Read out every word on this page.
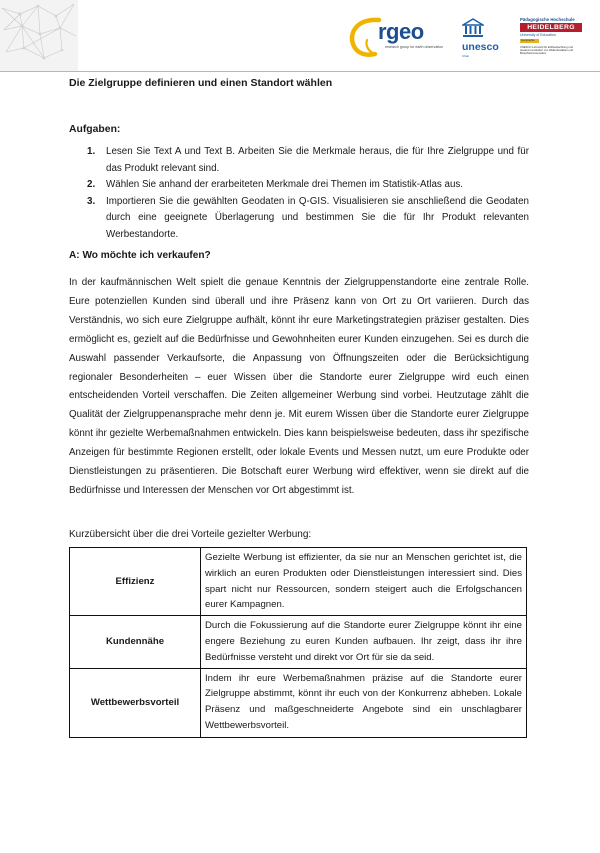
rgeo
research group for earth observation	unesco
Chair
Pädagogische Hochschule
HEIDELBERG
University of Education
Geographie
UNESCO Lehrstuhl für Erdbeobachtung und Geokommunikation von Welterbestätten und Biosphärenreservaten
Die Zielgruppe definieren und einen Standort wählen
Aufgaben:
1. Lesen Sie Text A und Text B. Arbeiten Sie die Merkmale heraus, die für Ihre Zielgruppe und für das Produkt relevant sind.
2. Wählen Sie anhand der erarbeiteten Merkmale drei Themen im Statistik-Atlas aus.
3. Importieren Sie die gewählten Geodaten in Q-GIS. Visualisieren sie anschließend die Geodaten durch eine geeignete Überlagerung und bestimmen Sie die für Ihr Produkt relevanten Werbestandorte.
A: Wo möchte ich verkaufen?

In der kaufmännischen Welt spielt die genaue Kenntnis der Zielgruppenstandorte eine zentrale Rolle. Eure potenziellen Kunden sind überall und ihre Präsenz kann von Ort zu Ort variieren. Durch das Verständnis, wo sich eure Zielgruppe aufhält, könnt ihr eure Marketingstrategien präziser gestalten. Dies ermöglicht es, gezielt auf die Bedürfnisse und Gewohnheiten eurer Kunden einzugehen. Sei es durch die Auswahl passender Verkaufsorte, die Anpassung von Öffnungszeiten oder die Berücksichtigung regionaler Besonderheiten – euer Wissen über die Standorte eurer Zielgruppe wird euch einen entscheidenden Vorteil verschaffen. Die Zeiten allgemeiner Werbung sind vorbei. Heutzutage zählt die Qualität der Zielgruppenansprache mehr denn je. Mit eurem Wissen über die Standorte eurer Zielgruppe könnt ihr gezielte Werbemaßnahmen entwickeln. Dies kann beispielsweise bedeuten, dass ihr spezifische Anzeigen für bestimmte Regionen erstellt, oder lokale Events und Messen nutzt, um eure Produkte oder Dienstleistungen zu präsentieren. Die Botschaft eurer Werbung wird effektiver, wenn sie direkt auf die Bedürfnisse und Interessen der Menschen vor Ort abgestimmt ist.

Kurzübersicht über die drei Vorteile gezielter Werbung:
Effizienz	Gezielte Werbung ist effizienter, da sie nur an Menschen gerichtet ist, die wirklich an euren Produkten oder Dienstleistungen interessiert sind. Dies spart nicht nur Ressourcen, sondern steigert auch die Erfolgschancen eurer Kampagnen.
Kundennähe	Durch die Fokussierung auf die Standorte eurer Zielgruppe könnt ihr eine engere Beziehung zu euren Kunden aufbauen. Ihr zeigt, dass ihr ihre Bedürfnisse versteht und direkt vor Ort für sie da seid.
Wettbewerbsvorteil	Indem ihr eure Werbemaßnahmen präzise auf die Standorte eurer Zielgruppe abstimmt, könnt ihr euch von der Konkurrenz abheben. Lokale Präsenz und maßgeschneiderte Angebote sind ein unschlagbarer Wettbewerbsvorteil.
